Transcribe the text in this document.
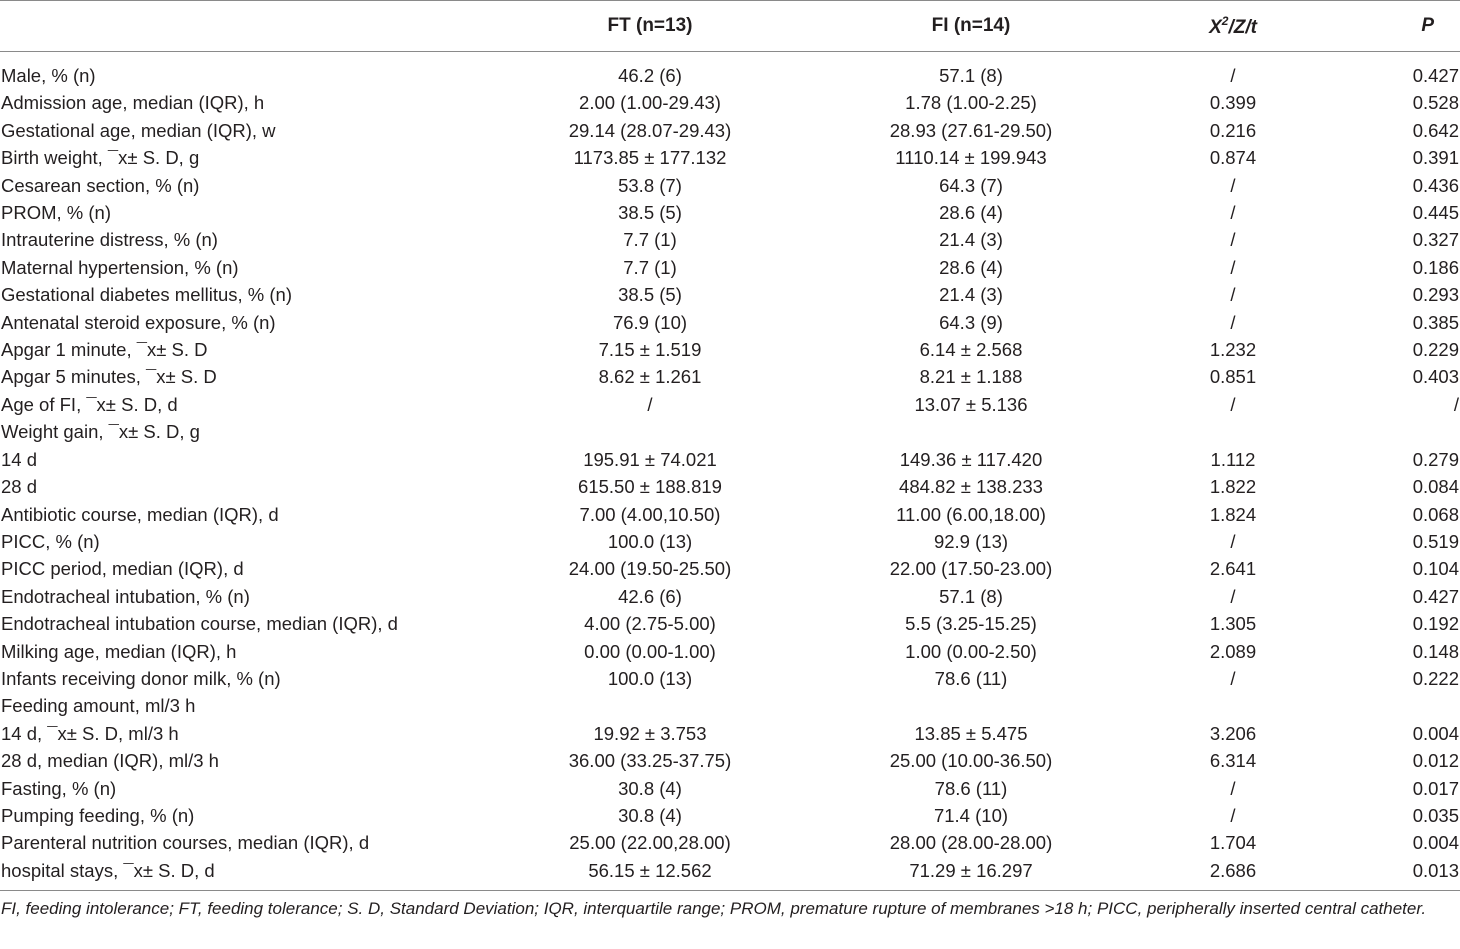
	FT (n=13)	FI (n=14)	$X^2/Z/t$	P
Male, % (n)	46.2 (6)	57.1 (8)	/	0.427
Admission age, median (IQR), h	2.00 (1.00-29.43)	1.78 (1.00-2.25)	0.399	0.528
Gestational age, median (IQR), w	29.14 (28.07-29.43)	28.93 (27.61-29.50)	0.216	0.642
Birth weight, ¯x± S. D, g	1173.85 ± 177.132	1110.14 ± 199.943	0.874	0.391
Cesarean section, % (n)	53.8 (7)	64.3 (7)	/	0.436
PROM, % (n)	38.5 (5)	28.6 (4)	/	0.445
Intrauterine distress, % (n)	7.7 (1)	21.4 (3)	/	0.327
Maternal hypertension, % (n)	7.7 (1)	28.6 (4)	/	0.186
Gestational diabetes mellitus, % (n)	38.5 (5)	21.4 (3)	/	0.293
Antenatal steroid exposure, % (n)	76.9 (10)	64.3 (9)	/	0.385
Apgar 1 minute, ¯x± S. D	7.15 ± 1.519	6.14 ± 2.568	1.232	0.229
Apgar 5 minutes, ¯x± S. D	8.62 ± 1.261	8.21 ± 1.188	0.851	0.403
Age of FI, ¯x± S. D, d	/	13.07 ± 5.136	/	/
Weight gain, ¯x± S. D, g				
14 d	195.91 ± 74.021	149.36 ± 117.420	1.112	0.279
28 d	615.50 ± 188.819	484.82 ± 138.233	1.822	0.084
Antibiotic course, median (IQR), d	7.00 (4.00,10.50)	11.00 (6.00,18.00)	1.824	0.068
PICC, % (n)	100.0 (13)	92.9 (13)	/	0.519
PICC period, median (IQR), d	24.00 (19.50-25.50)	22.00 (17.50-23.00)	2.641	0.104
Endotracheal intubation, % (n)	42.6 (6)	57.1 (8)	/	0.427
Endotracheal intubation course, median (IQR), d	4.00 (2.75-5.00)	5.5 (3.25-15.25)	1.305	0.192
Milking age, median (IQR), h	0.00 (0.00-1.00)	1.00 (0.00-2.50)	2.089	0.148
Infants receiving donor milk, % (n)	100.0 (13)	78.6 (11)	/	0.222
Feeding amount, ml/3 h				
14 d, ¯x± S. D, ml/3 h	19.92 ± 3.753	13.85 ± 5.475	3.206	0.004
28 d, median (IQR), ml/3 h	36.00 (33.25-37.75)	25.00 (10.00-36.50)	6.314	0.012
Fasting, % (n)	30.8 (4)	78.6 (11)	/	0.017
Pumping feeding, % (n)	30.8 (4)	71.4 (10)	/	0.035
Parenteral nutrition courses, median (IQR), d	25.00 (22.00,28.00)	28.00 (28.00-28.00)	1.704	0.004
hospital stays, ¯x± S. D, d	56.15 ± 12.562	71.29 ± 16.297	2.686	0.013
FI, feeding intolerance; FT, feeding tolerance; S. D, Standard Deviation; IQR, interquartile range; PROM, premature rupture of membranes >18 h; PICC, peripherally inserted central catheter.
